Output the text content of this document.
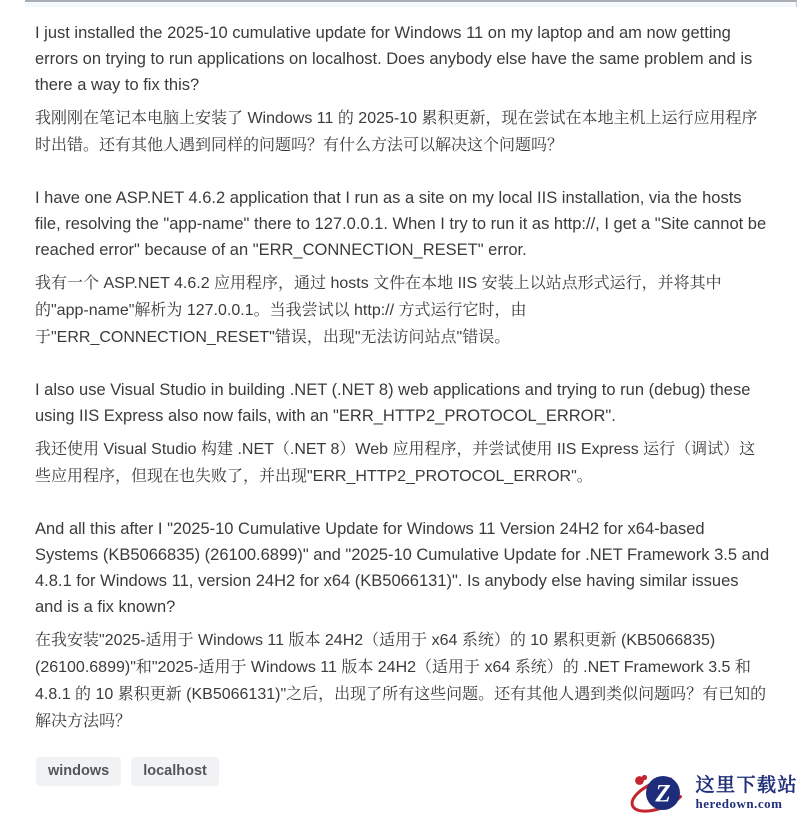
I just installed the 2025-10 cumulative update for Windows 11 on my laptop and am now getting errors on trying to run applications on localhost. Does anybody else have the same problem and is there a way to fix this?

我刚刚在笔记本电脑上安装了 Windows 11 的 2025-10 累积更新，现在尝试在本地主机上运行应用程序时出错。还有其他人遇到同样的问题吗？有什么方法可以解决这个问题吗？

I have one ASP.NET 4.6.2 application that I run as a site on my local IIS installation, via the hosts file, resolving the "app-name" there to 127.0.0.1. When I try to run it as http://, I get a "Site cannot be reached error" because of an "ERR_CONNECTION_RESET" error.

我有一个 ASP.NET 4.6.2 应用程序，通过 hosts 文件在本地 IIS 安装上以站点形式运行，并将其中的"app-name"解析为 127.0.0.1。当我尝试以 http:// 方式运行它时，由于"ERR_CONNECTION_RESET"错误，出现"无法访问站点"错误。

I also use Visual Studio in building .NET (.NET 8) web applications and trying to run (debug) these using IIS Express also now fails, with an "ERR_HTTP2_PROTOCOL_ERROR".

我还使用 Visual Studio 构建 .NET（.NET 8）Web 应用程序，并尝试使用 IIS Express 运行（调试）这些应用程序，但现在也失败了，并出现"ERR_HTTP2_PROTOCOL_ERROR"。

And all this after I "2025-10 Cumulative Update for Windows 11 Version 24H2 for x64-based Systems (KB5066835) (26100.6899)" and "2025-10 Cumulative Update for .NET Framework 3.5 and 4.8.1 for Windows 11, version 24H2 for x64 (KB5066131)". Is anybody else having similar issues and is a fix known?

在我安装"2025-适用于 Windows 11 版本 24H2（适用于 x64 系统）的 10 累积更新 (KB5066835) (26100.6899)"和"2025-适用于 Windows 11 版本 24H2（适用于 x64 系统）的 .NET Framework 3.5 和 4.8.1 的 10 累积更新 (KB5066131)"之后，出现了所有这些问题。还有其他人遇到类似问题吗？有已知的解决方法吗？

windows	localhost
Z 这里下载站
heredown.com
